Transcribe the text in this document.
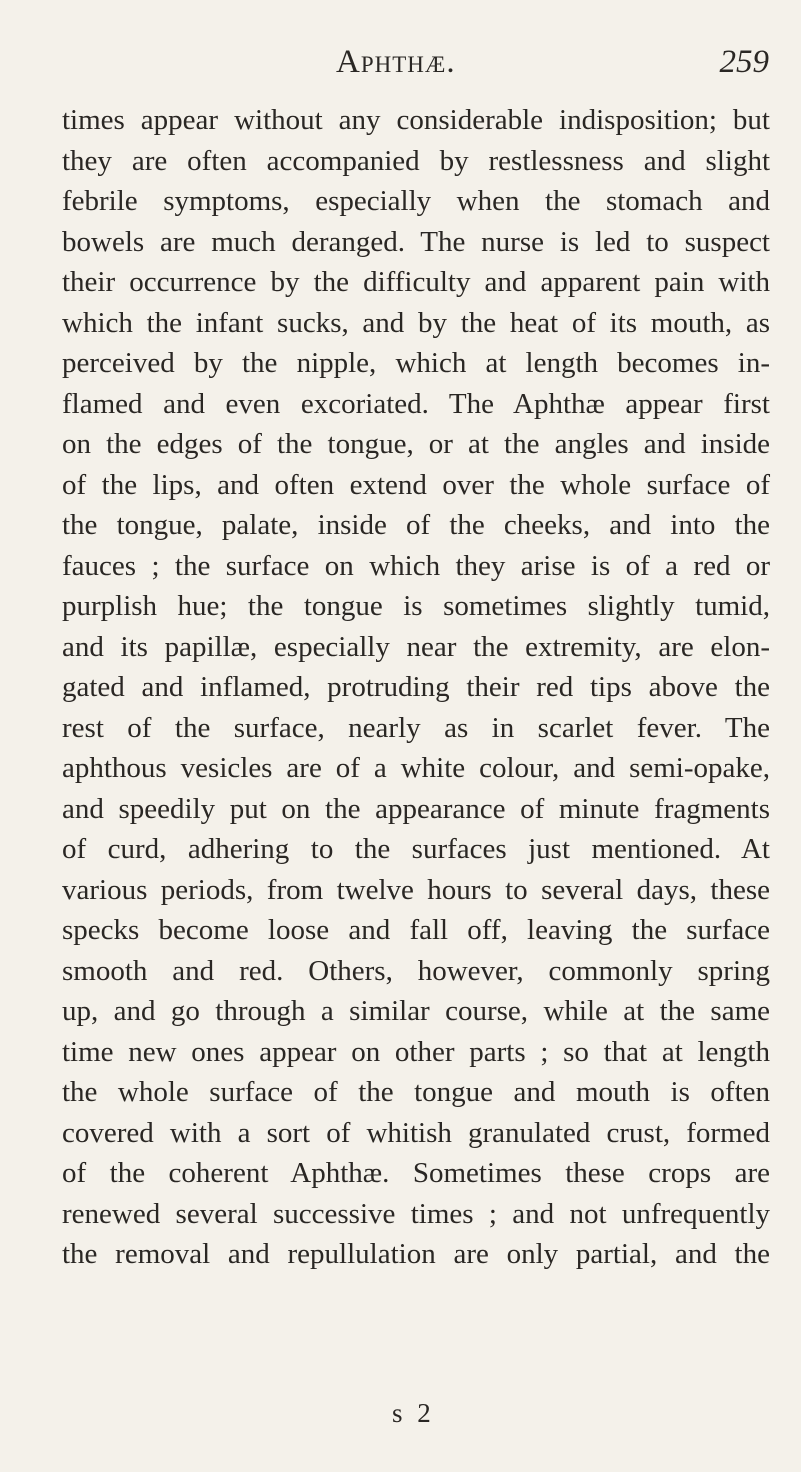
Aphthæ.	259
times appear without any considerable indisposition; but
they are often accompanied by restlessness and slight
febrile symptoms, especially when the stomach and
bowels are much deranged. The nurse is led to suspect
their occurrence by the difficulty and apparent pain with
which the infant sucks, and by the heat of its mouth, as
perceived by the nipple, which at length becomes in-
flamed and even excoriated. The Aphthæ appear first
on the edges of the tongue, or at the angles and inside
of the lips, and often extend over the whole surface of
the tongue, palate, inside of the cheeks, and into the
fauces ; the surface on which they arise is of a red or
purplish hue; the tongue is sometimes slightly tumid,
and its papillæ, especially near the extremity, are elon-
gated and inflamed, protruding their red tips above the
rest of the surface, nearly as in scarlet fever. The
aphthous vesicles are of a white colour, and semi-opake,
and speedily put on the appearance of minute fragments
of curd, adhering to the surfaces just mentioned. At
various periods, from twelve hours to several days, these
specks become loose and fall off, leaving the surface
smooth and red. Others, however, commonly spring
up, and go through a similar course, while at the same
time new ones appear on other parts ; so that at length
the whole surface of the tongue and mouth is often
covered with a sort of whitish granulated crust, formed
of the coherent Aphthæ. Sometimes these crops are
renewed several successive times ; and not unfrequently
the removal and repullulation are only partial, and the
s 2
